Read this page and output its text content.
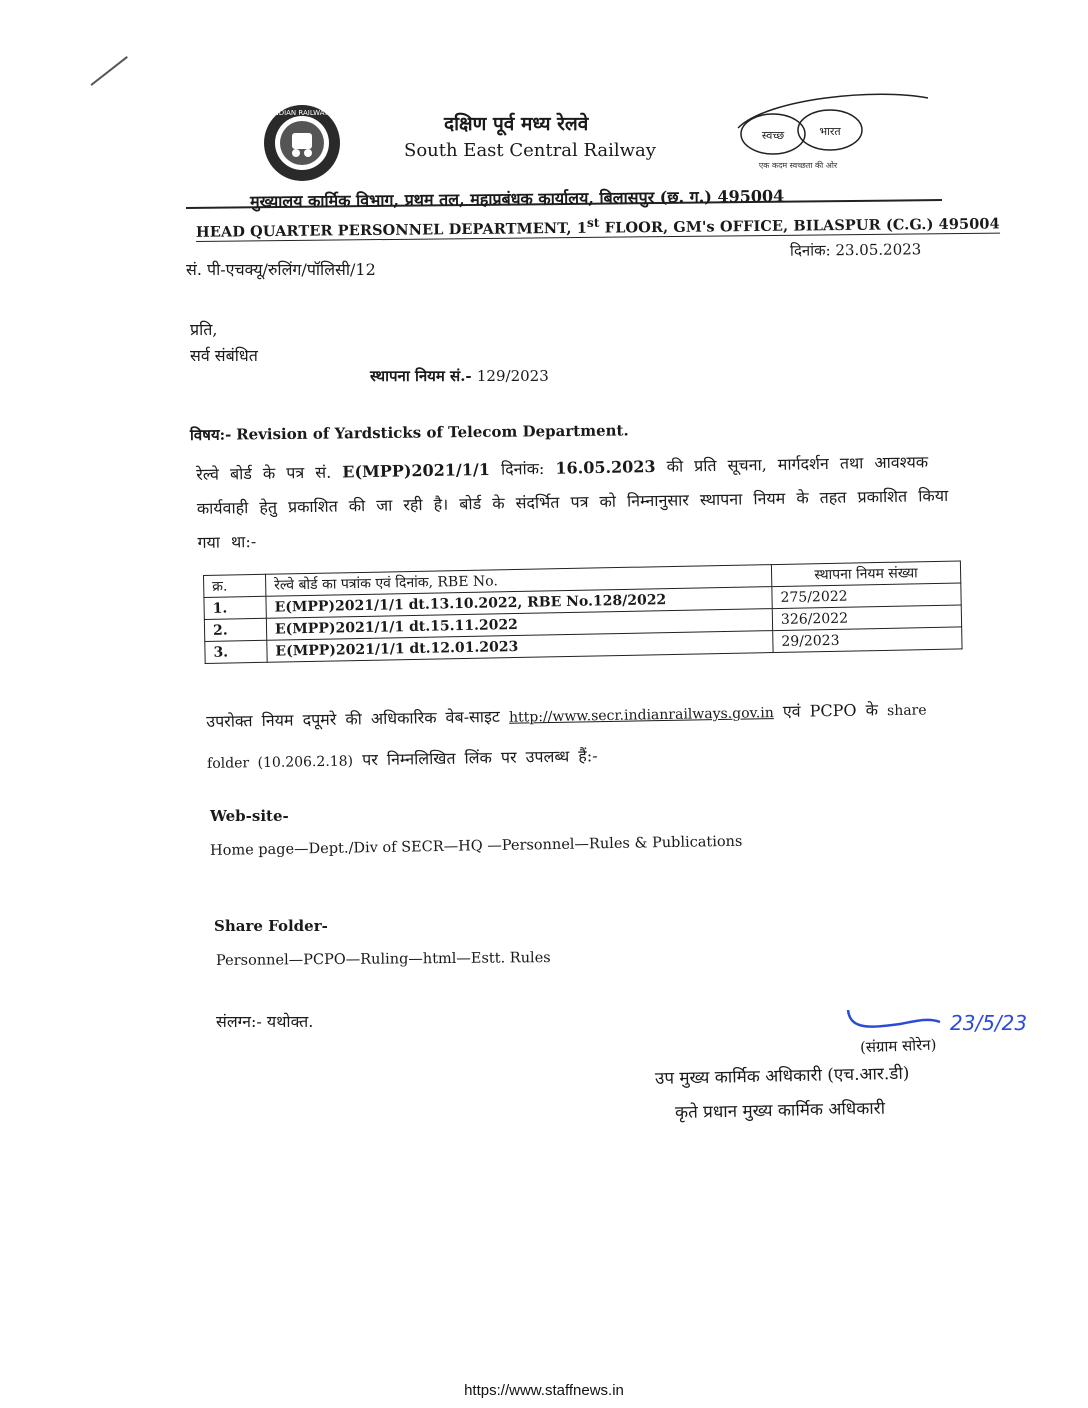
INDIAN RAILWAYS	दक्षिण पूर्व मध्य रेलवे
South East Central Railway
स्वच्छ	भारत
एक कदम स्वच्छता की ओर
मुख्यालय कार्मिक विभाग, प्रथम तल, महाप्रबंधक कार्यालय, बिलासपुर (छ. ग.) 495004
HEAD QUARTER PERSONNEL DEPARTMENT, 1st FLOOR, GM's OFFICE, BILASPUR (C.G.) 495004
दिनांक: 23.05.2023
सं. पी-एचक्यू/रुलिंग/पॉलिसी/12
प्रति,
सर्व संबंधित
स्थापना नियम सं.- 129/2023
विषय:- Revision of Yardsticks of Telecom Department.
रेल्वे बोर्ड के पत्र सं. E(MPP)2021/1/1 दिनांक: 16.05.2023 की प्रति सूचना, मार्गदर्शन तथा आवश्यक कार्यवाही हेतु प्रकाशित की जा रही है। बोर्ड के संदर्भित पत्र को निम्नानुसार स्थापना नियम के तहत प्रकाशित किया गया था:-
क्र.	रेल्वे बोर्ड का पत्रांक एवं दिनांक, RBE No.	स्थापना नियम संख्या
1.	E(MPP)2021/1/1 dt.13.10.2022, RBE No.128/2022	275/2022
2.	E(MPP)2021/1/1 dt.15.11.2022	326/2022
3.	E(MPP)2021/1/1 dt.12.01.2023	29/2023
उपरोक्त नियम दपूमरे की अधिकारिक वेब-साइट http://www.secr.indianrailways.gov.in एवं PCPO के share folder (10.206.2.18) पर निम्नलिखित लिंक पर उपलब्ध हैं:-
Web-site-
Home page—Dept./Div of SECR—HQ —Personnel—Rules & Publications
Share Folder-
Personnel—PCPO—Ruling—html—Estt. Rules
संलग्न:- यथोक्त.	23/5/23
(संग्राम सोरेन)
उप मुख्य कार्मिक अधिकारी (एच.आर.डी)
कृते प्रधान मुख्य कार्मिक अधिकारी
https://www.staffnews.in
